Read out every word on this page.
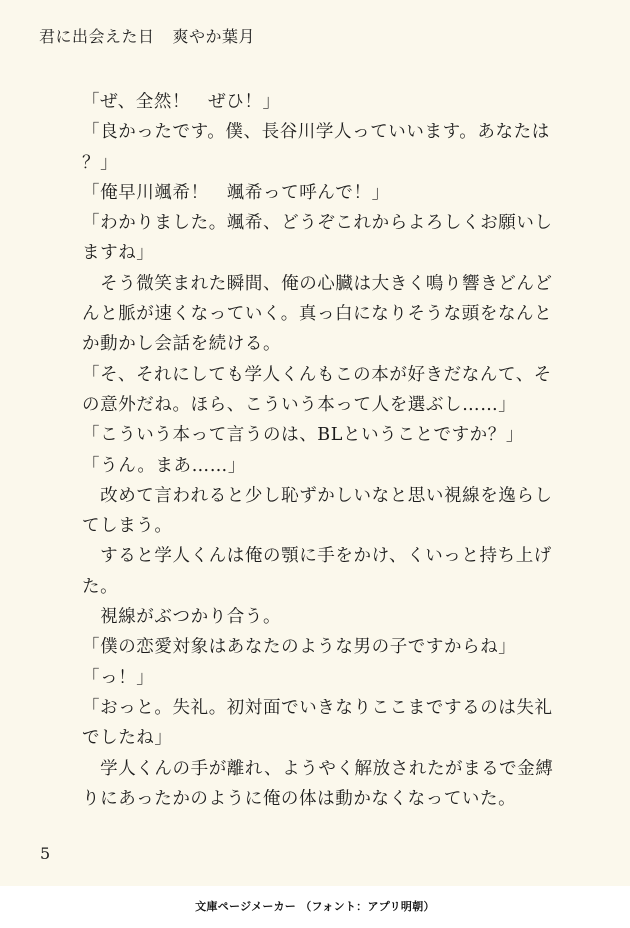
君に出会えた日 爽やか葉月
「ぜ、全然！　ぜひ！」
「良かったです。僕、長谷川学人っていいます。あなたは
？」
「俺早川颯希！　颯希って呼んで！」
「わかりました。颯希、どうぞこれからよろしくお願いし
ますね」
　そう微笑まれた瞬間、俺の心臓は大きく鳴り響きどんど
んと脈が速くなっていく。真っ白になりそうな頭をなんと
か動かし会話を続ける。
「そ、それにしても学人くんもこの本が好きだなんて、そ
の意外だね。ほら、こういう本って人を選ぶし……」
「こういう本って言うのは、BLということですか？」
「うん。まあ……」
　改めて言われると少し恥ずかしいなと思い視線を逸らし
てしまう。
　すると学人くんは俺の顎に手をかけ、くいっと持ち上げ
た。
　視線がぶつかり合う。
「僕の恋愛対象はあなたのような男の子ですからね」
「っ！」
「おっと。失礼。初対面でいきなりここまでするのは失礼
でしたね」
　学人くんの手が離れ、ようやく解放されたがまるで金縛
りにあったかのように俺の体は動かなくなっていた。
5
文庫ページメーカー （フォント：アプリ明朝）
